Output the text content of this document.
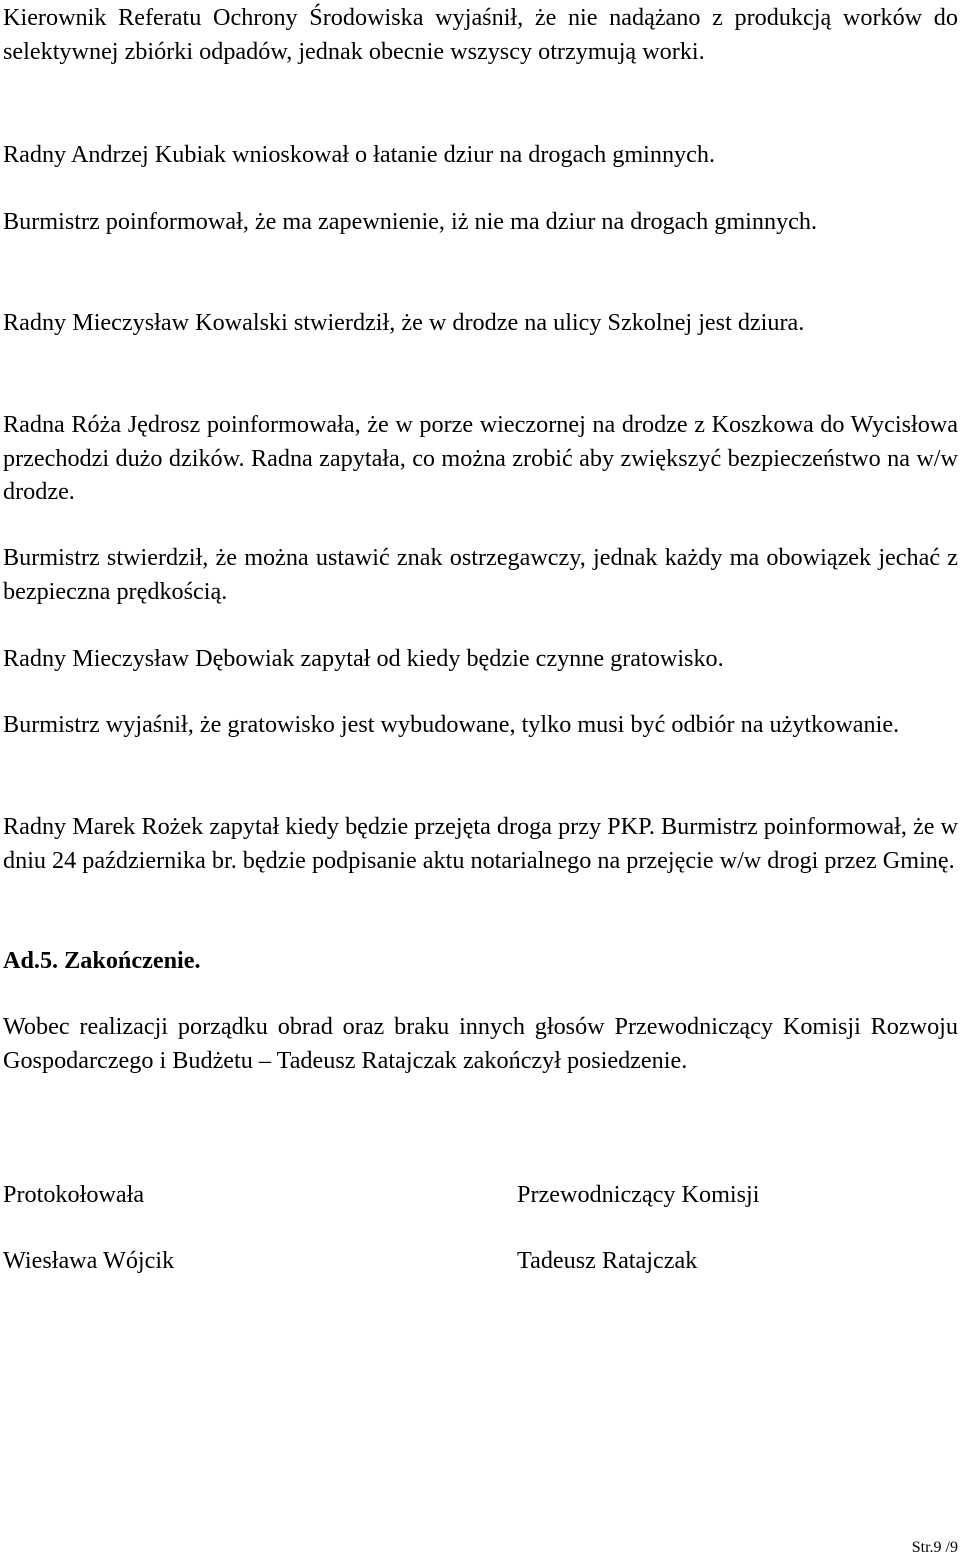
Kierownik Referatu Ochrony Środowiska wyjaśnił, że nie nadążano z produkcją worków do selektywnej zbiórki odpadów, jednak obecnie wszyscy otrzymują worki.

Radny Andrzej Kubiak wnioskował o łatanie dziur na drogach gminnych.

Burmistrz poinformował, że ma zapewnienie, iż nie ma dziur na drogach gminnych.

Radny Mieczysław Kowalski stwierdził, że w drodze na ulicy Szkolnej jest dziura.

Radna Róża Jędrosz poinformowała, że w porze wieczornej na drodze z Koszkowa do Wycisłowa przechodzi dużo dzików. Radna zapytała, co można zrobić aby zwiększyć bezpieczeństwo na w/w drodze.

Burmistrz stwierdził, że można ustawić znak ostrzegawczy, jednak każdy ma obowiązek jechać z bezpieczna prędkością.

Radny Mieczysław Dębowiak zapytał od kiedy będzie czynne gratowisko.

Burmistrz wyjaśnił, że gratowisko jest wybudowane, tylko musi być odbiór na użytkowanie.

Radny Marek Rożek zapytał kiedy będzie przejęta droga przy PKP. Burmistrz poinformował, że w dniu 24 października br. będzie podpisanie aktu notarialnego na przejęcie w/w drogi przez Gminę.

Ad.5. Zakończenie.

Wobec realizacji porządku obrad oraz braku innych głosów Przewodniczący Komisji Rozwoju Gospodarczego i Budżetu – Tadeusz Ratajczak zakończył posiedzenie.

Protokołowała	Przewodniczący Komisji

Wiesława Wójcik	Tadeusz Ratajczak

Str.9 /9
